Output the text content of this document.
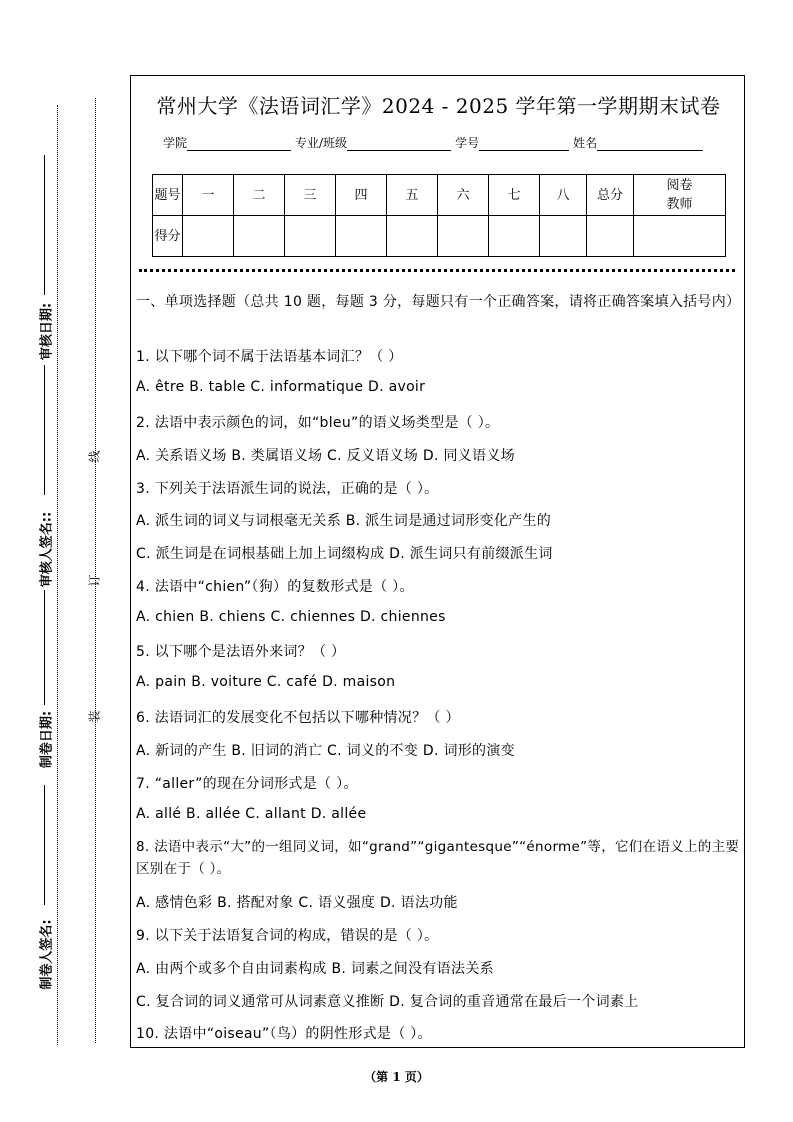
审核日期:
审核人签名::
制卷日期:
制卷人签名:
线
订
装
常州大学《法语词汇学》2024 - 2025 学年第一学期期末试卷
学院	专业/班级	学号	姓名
题号	一	二	三	四	五	六	七	八	总分	阅卷教师
得分										
一、单项选择题（总共 10 题，每题 3 分，每题只有一个正确答案，请将正确答案填入括号内）
1. 以下哪个词不属于法语基本词汇？（ ）
A. être B. table C. informatique D. avoir
2. 法语中表示颜色的词，如“bleu”的语义场类型是（ ）。
A. 关系语义场 B. 类属语义场 C. 反义语义场 D. 同义语义场
3. 下列关于法语派生词的说法，正确的是（ ）。
A. 派生词的词义与词根毫无关系 B. 派生词是通过词形变化产生的
C. 派生词是在词根基础上加上词缀构成 D. 派生词只有前缀派生词
4. 法语中“chien”（狗）的复数形式是（ ）。
A. chien B. chiens C. chiennes D. chiennes
5. 以下哪个是法语外来词？（ ）
A. pain B. voiture C. café D. maison
6. 法语词汇的发展变化不包括以下哪种情况？（ ）
A. 新词的产生 B. 旧词的消亡 C. 词义的不变 D. 词形的演变
7. “aller”的现在分词形式是（ ）。
A. allé B. allée C. allant D. allée
8. 法语中表示“大”的一组同义词，如“grand”“gigantesque”“énorme”等，它们在语义上的主要区别在于（ ）。
A. 感情色彩 B. 搭配对象 C. 语义强度 D. 语法功能
9. 以下关于法语复合词的构成，错误的是（ ）。
A. 由两个或多个自由词素构成 B. 词素之间没有语法关系
C. 复合词的词义通常可从词素意义推断 D. 复合词的重音通常在最后一个词素上
10. 法语中“oiseau”（鸟）的阴性形式是（ ）。
（第 1 页）
